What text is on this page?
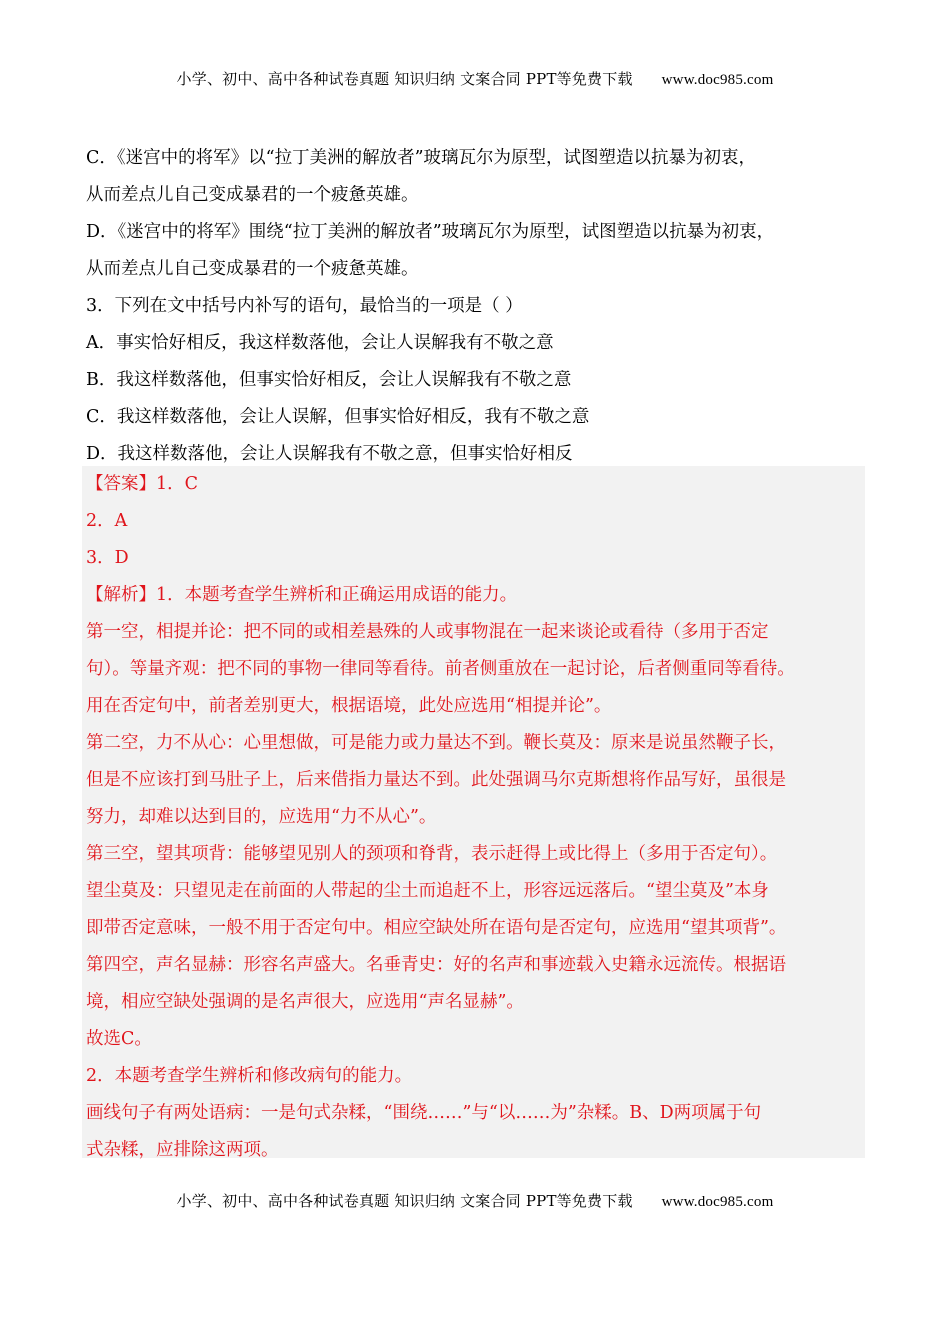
小学、初中、高中各种试卷真题 知识归纳 文案合同 PPT等免费下载 www.doc985.com
C．《迷宫中的将军》以“拉丁美洲的解放者”玻璃瓦尔为原型，试图塑造以抗暴为初衷，
从而差点儿自己变成暴君的一个疲惫英雄。
D．《迷宫中的将军》围绕“拉丁美洲的解放者”玻璃瓦尔为原型，试图塑造以抗暴为初衷，
从而差点儿自己变成暴君的一个疲惫英雄。
3．下列在文中括号内补写的语句，最恰当的一项是（ ）
A．事实恰好相反，我这样数落他，会让人误解我有不敬之意
B．我这样数落他，但事实恰好相反，会让人误解我有不敬之意
C．我这样数落他，会让人误解，但事实恰好相反，我有不敬之意
D．我这样数落他，会让人误解我有不敬之意，但事实恰好相反
【答案】1．C
2．A
3．D
【解析】1．本题考查学生辨析和正确运用成语的能力。
第一空，相提并论：把不同的或相差悬殊的人或事物混在一起来谈论或看待（多用于否定
句）。等量齐观：把不同的事物一律同等看待。前者侧重放在一起讨论，后者侧重同等看待。
用在否定句中，前者差别更大，根据语境，此处应选用“相提并论”。
第二空，力不从心：心里想做，可是能力或力量达不到。鞭长莫及：原来是说虽然鞭子长，
但是不应该打到马肚子上，后来借指力量达不到。此处强调马尔克斯想将作品写好，虽很是
努力，却难以达到目的，应选用“力不从心”。
第三空，望其项背：能够望见别人的颈项和脊背，表示赶得上或比得上（多用于否定句）。
望尘莫及：只望见走在前面的人带起的尘土而追赶不上，形容远远落后。“望尘莫及”本身
即带否定意味，一般不用于否定句中。相应空缺处所在语句是否定句，应选用“望其项背”。
第四空，声名显赫：形容名声盛大。名垂青史：好的名声和事迹载入史籍永远流传。根据语
境，相应空缺处强调的是名声很大，应选用“声名显赫”。
故选C。
2．本题考查学生辨析和修改病句的能力。
画线句子有两处语病：一是句式杂糅，“围绕……”与“以……为”杂糅。B、D两项属于句
式杂糅，应排除这两项。
小学、初中、高中各种试卷真题 知识归纳 文案合同 PPT等免费下载 www.doc985.com
